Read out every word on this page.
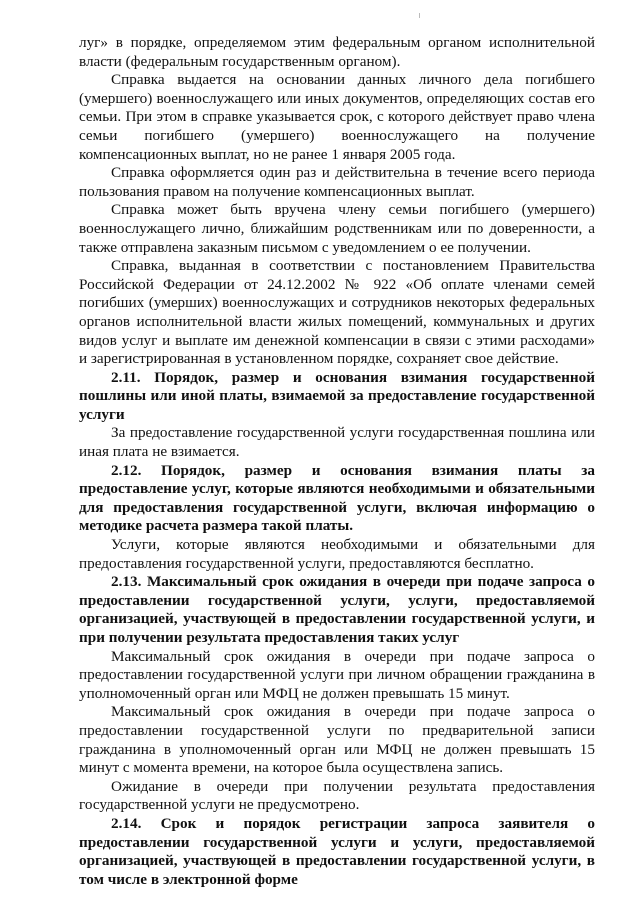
луг» в порядке, определяемом этим федеральным органом исполнительной власти (федеральным государственным органом).

Справка выдается на основании данных личного дела погибшего (умершего) военнослужащего или иных документов, определяющих состав его семьи. При этом в справке указывается срок, с которого действует право члена семьи погибшего (умершего) военнослужащего на получение компенсационных выплат, но не ранее 1 января 2005 года.

Справка оформляется один раз и действительна в течение всего периода пользования правом на получение компенсационных выплат.

Справка может быть вручена члену семьи погибшего (умершего) военнослужащего лично, ближайшим родственникам или по доверенности, а также отправлена заказным письмом с уведомлением о ее получении.

Справка, выданная в соответствии с постановлением Правительства Российской Федерации от 24.12.2002 № 922 «Об оплате членами семей погибших (умерших) военнослужащих и сотрудников некоторых федеральных органов исполнительной власти жилых помещений, коммунальных и других видов услуг и выплате им денежной компенсации в связи с этими расходами» и зарегистрированная в установленном порядке, сохраняет свое действие.

2.11. Порядок, размер и основания взимания государственной пошлины или иной платы, взимаемой за предоставление государственной услуги

За предоставление государственной услуги государственная пошлина или иная плата не взимается.

2.12. Порядок, размер и основания взимания платы за предоставление услуг, которые являются необходимыми и обязательными для предоставления государственной услуги, включая информацию о методике расчета размера такой платы.

Услуги, которые являются необходимыми и обязательными для предоставления государственной услуги, предоставляются бесплатно.

2.13. Максимальный срок ожидания в очереди при подаче запроса о предоставлении государственной услуги, услуги, предоставляемой организацией, участвующей в предоставлении государственной услуги, и при получении результата предоставления таких услуг

Максимальный срок ожидания в очереди при подаче запроса о предоставлении государственной услуги при личном обращении гражданина в уполномоченный орган или МФЦ не должен превышать 15 минут.

Максимальный срок ожидания в очереди при подаче запроса о предоставлении государственной услуги по предварительной записи гражданина в уполномоченный орган или МФЦ не должен превышать 15 минут с момента времени, на которое была осуществлена запись.

Ожидание в очереди при получении результата предоставления государственной услуги не предусмотрено.

2.14. Срок и порядок регистрации запроса заявителя о предоставлении государственной услуги и услуги, предоставляемой организацией, участвующей в предоставлении государственной услуги, в том числе в электронной форме
